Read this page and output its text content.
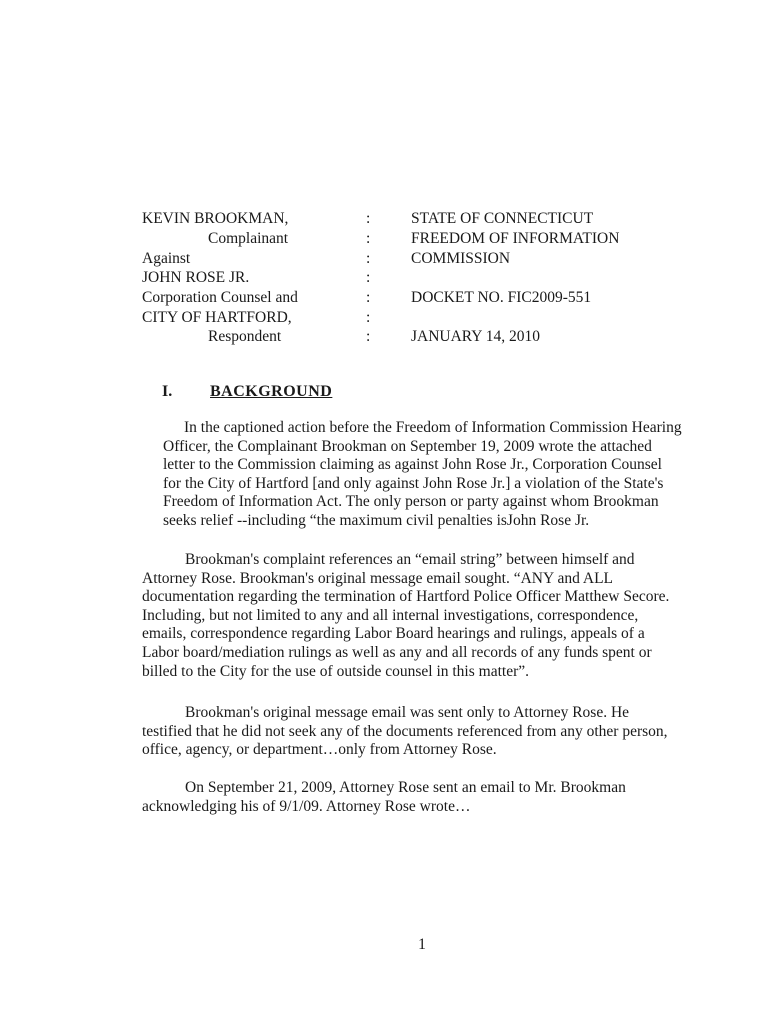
KEVIN BROOKMAN,	:	STATE OF CONNECTICUT
Complainant	:	FREEDOM OF INFORMATION
Against	:	COMMISSION
JOHN ROSE JR.	:
Corporation Counsel and	:	DOCKET NO. FIC2009-551
CITY OF HARTFORD,	:
Respondent	:	JANUARY 14, 2010
I. BACKGROUND
In the captioned action before the Freedom of Information Commission Hearing
Officer, the Complainant Brookman on September 19, 2009 wrote the attached
letter to the Commission claiming as against John Rose Jr., Corporation Counsel
for the City of Hartford [and only against John Rose Jr.] a violation of the State's
Freedom of Information Act. The only person or party against whom Brookman
seeks relief --including “the maximum civil penalties isJohn Rose Jr.
Brookman's complaint references an “email string” between himself and
Attorney Rose. Brookman's original message email sought. “ANY and ALL
documentation regarding the termination of Hartford Police Officer Matthew Secore.
Including, but not limited to any and all internal investigations, correspondence,
emails, correspondence regarding Labor Board hearings and rulings, appeals of a
Labor board/mediation rulings as well as any and all records of any funds spent or
billed to the City for the use of outside counsel in this matter”.
Brookman's original message email was sent only to Attorney Rose. He
testified that he did not seek any of the documents referenced from any other person,
office, agency, or department…only from Attorney Rose.
On September 21, 2009, Attorney Rose sent an email to Mr. Brookman
acknowledging his of 9/1/09. Attorney Rose wrote…
1
